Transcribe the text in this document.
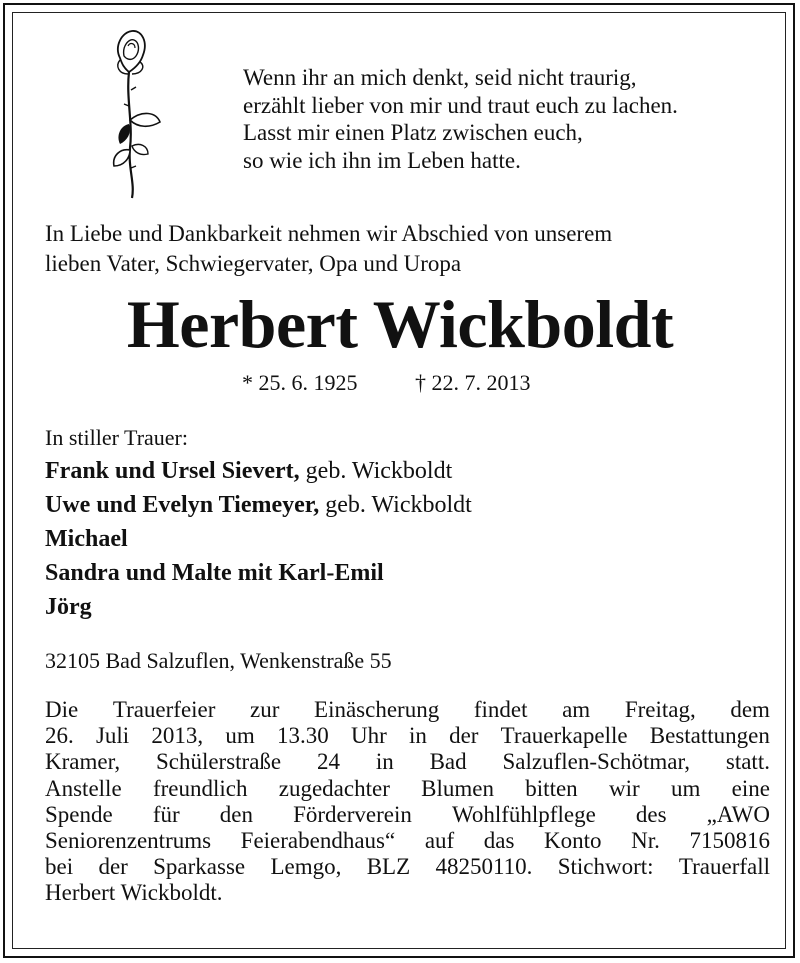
Wenn ihr an mich denkt, seid nicht traurig,
erzählt lieber von mir und traut euch zu lachen.
Lasst mir einen Platz zwischen euch,
so wie ich ihn im Leben hatte.
In Liebe und Dankbarkeit nehmen wir Abschied von unserem
lieben Vater, Schwiegervater, Opa und Uropa
Herbert Wickboldt
* 25. 6. 1925	† 22. 7. 2013
In stiller Trauer:
Frank und Ursel Sievert, geb. Wickboldt
Uwe und Evelyn Tiemeyer, geb. Wickboldt
Michael
Sandra und Malte mit Karl-Emil
Jörg
32105 Bad Salzuflen, Wenkenstraße 55
Die Trauerfeier zur Einäscherung findet am Freitag, dem
26. Juli 2013, um 13.30 Uhr in der Trauerkapelle Bestattungen
Kramer, Schülerstraße 24 in Bad Salzuflen-Schötmar, statt.
Anstelle freundlich zugedachter Blumen bitten wir um eine
Spende für den Förderverein Wohlfühlpflege des „AWO
Seniorenzentrums Feierabendhaus“ auf das Konto Nr. 7150816
bei der Sparkasse Lemgo, BLZ 48250110. Stichwort: Trauerfall
Herbert Wickboldt.
